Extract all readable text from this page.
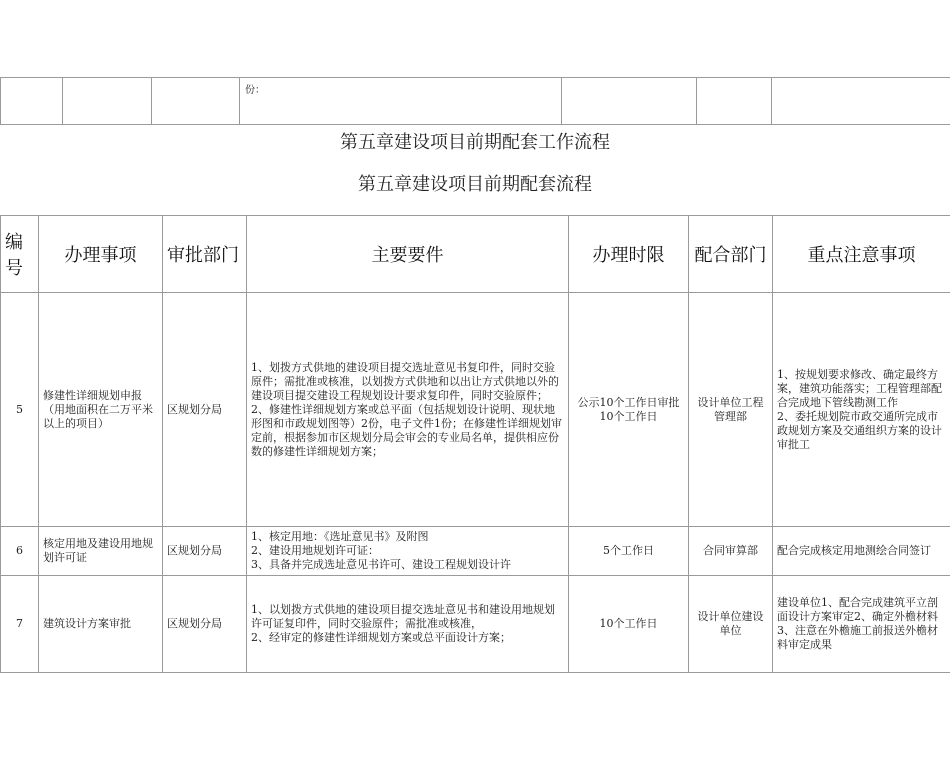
			份：			
第五章建设项目前期配套工作流程
第五章建设项目前期配套流程
编号	办理事项	审批部门	主要要件	办理时限	配合部门	重点注意事项
5	修建性详细规划申报（用地面积在二万平米以上的项目）	区规划分局	1、划拨方式供地的建设项目提交选址意见书复印件，同时交验原件；需批准或核准，以划拨方式供地和以出让方式供地以外的建设项目提交建设工程规划设计要求复印件，同时交验原件；
2、修建性详细规划方案或总平面（包括规划设计说明、现状地形图和市政规划图等）2份，电子文件1份；在修建性详细规划审定前，根据参加市区规划分局会审会的专业局名单，提供相应份数的修建性详细规划方案；	公示10个工作日审批10个工作日	设计单位工程管理部	1、按规划要求修改、确定最终方案，建筑功能落实；工程管理部配合完成地下管线勘测工作
2、委托规划院市政交通所完成市政规划方案及交通组织方案的设计审批工
6	核定用地及建设用地规划许可证	区规划分局	1、核定用地：《选址意见书》及附图
2、建设用地规划许可证：
3、具备并完成选址意见书许可、建设工程规划设计许	5个工作日	合同审算部	配合完成核定用地测绘合同签订
7	建筑设计方案审批	区规划分局	1、以划拨方式供地的建设项目提交选址意见书和建设用地规划许可证复印件，同时交验原件；需批准或核准，
2、经审定的修建性详细规划方案或总平面设计方案；	10个工作日	设计单位建设单位	建设单位1、配合完成建筑平立剖面设计方案审定2、确定外檐材料3、注意在外檐施工前报送外檐材料审定成果
